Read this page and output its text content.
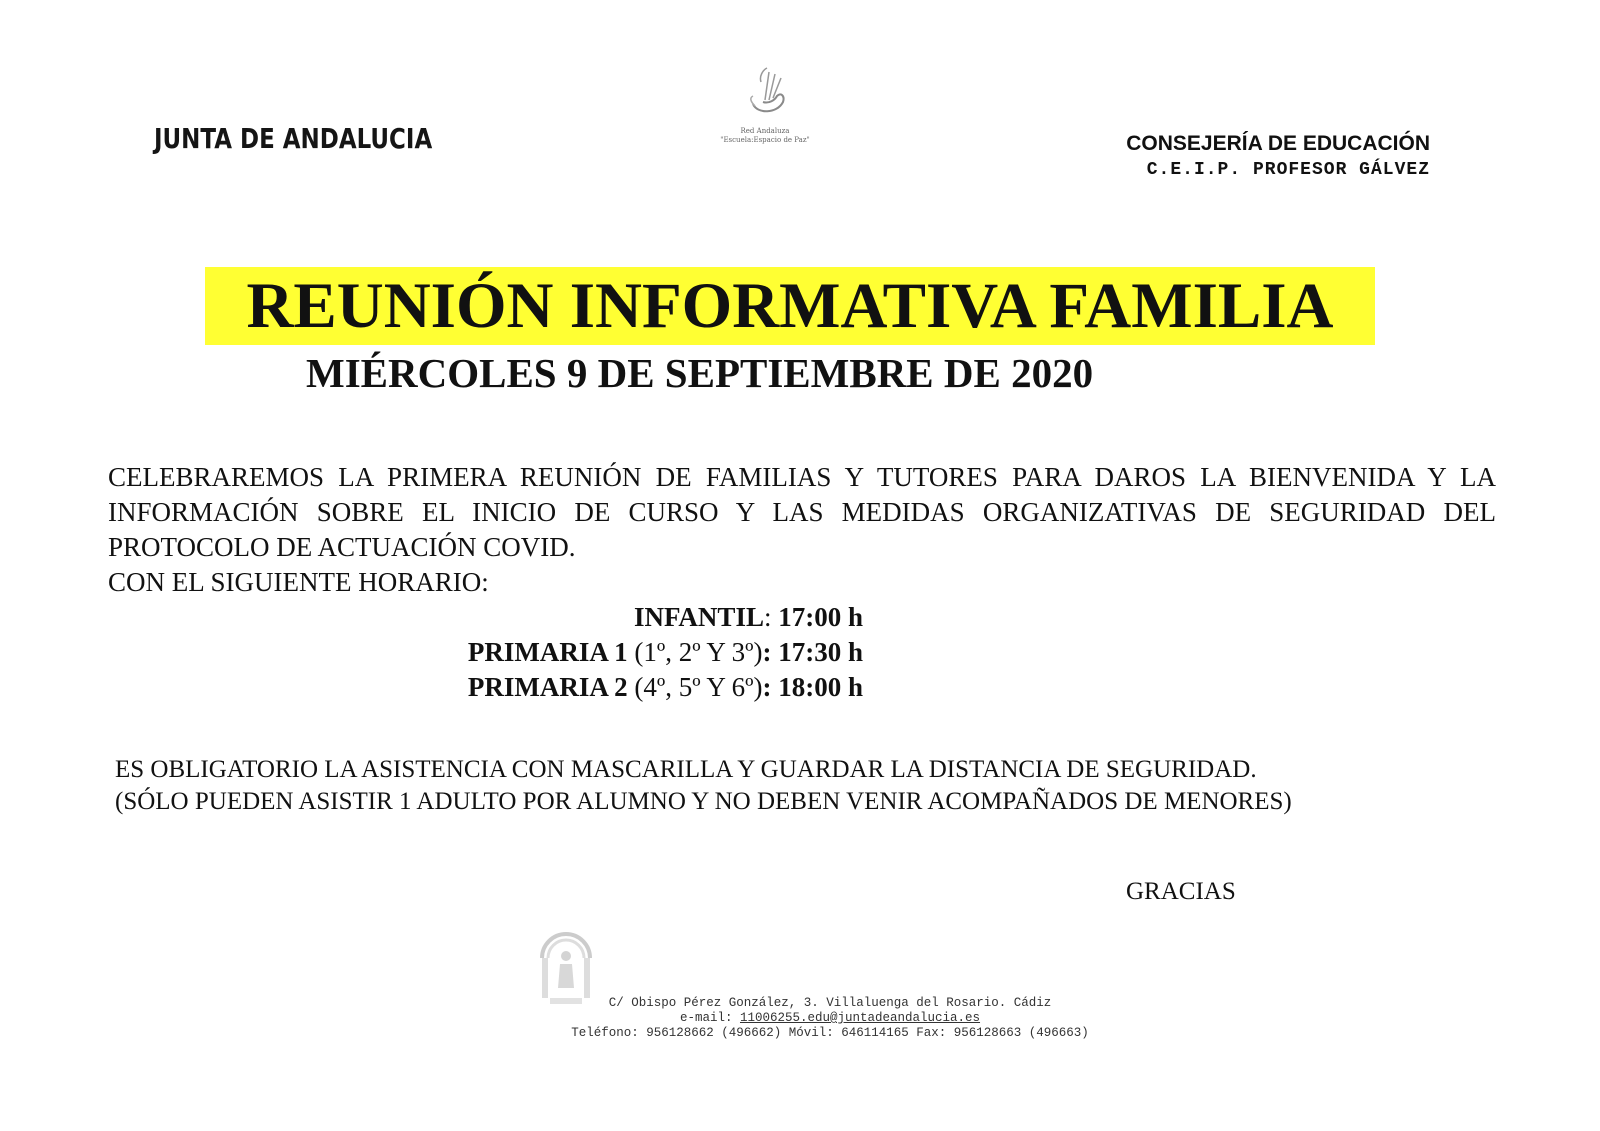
JUNTA DE ANDALUCIA	Red Andaluza
"Escuela:Espacio de Paz"	CONSEJERÍA DE EDUCACIÓN
C.E.I.P. PROFESOR GÁLVEZ
REUNIÓN INFORMATIVA FAMILIA
MIÉRCOLES 9 DE SEPTIEMBRE DE 2020

CELEBRAREMOS LA PRIMERA REUNIÓN DE FAMILIAS Y TUTORES PARA DAROS LA BIENVENIDA Y LA INFORMACIÓN SOBRE EL INICIO DE CURSO Y LAS MEDIDAS ORGANIZATIVAS DE SEGURIDAD DEL PROTOCOLO DE ACTUACIÓN COVID.

CON EL SIGUIENTE HORARIO:

INFANTIL: 17:00 h
PRIMARIA 1 (1º, 2º Y 3º): 17:30 h
PRIMARIA 2 (4º, 5º Y 6º): 18:00 h

ES OBLIGATORIO LA ASISTENCIA CON MASCARILLA Y GUARDAR LA DISTANCIA DE SEGURIDAD.

(SÓLO PUEDEN ASISTIR 1 ADULTO POR ALUMNO Y NO DEBEN VENIR ACOMPAÑADOS DE MENORES)

GRACIAS

C/ Obispo Pérez González, 3. Villaluenga del Rosario. Cádiz

e-mail: 11006255.edu@juntadeandalucia.es

Teléfono: 956128662 (496662) Móvil: 646114165 Fax: 956128663 (496663)
